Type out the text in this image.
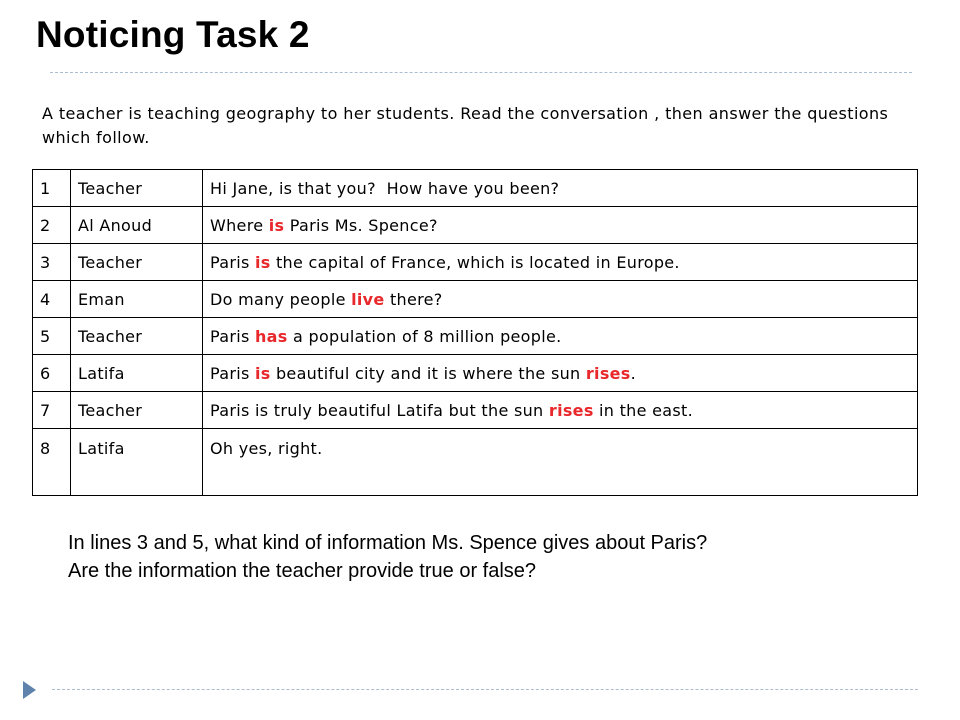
Noticing Task 2
A teacher is teaching geography to her students. Read the conversation , then answer the questions which follow.
1	Teacher	Hi Jane, is that you?  How have you been?
2	Al Anoud	Where is Paris Ms. Spence?
3	Teacher	Paris is the capital of France, which is located in Europe.
4	Eman	Do many people live there?
5	Teacher	Paris has a population of 8 million people.
6	Latifa	Paris is beautiful city and it is where the sun rises.
7	Teacher	Paris is truly beautiful Latifa but the sun rises in the east.
8	Latifa	Oh yes, right.
In lines 3 and 5, what kind of information Ms. Spence gives about Paris?
Are the information the teacher provide true or false?
